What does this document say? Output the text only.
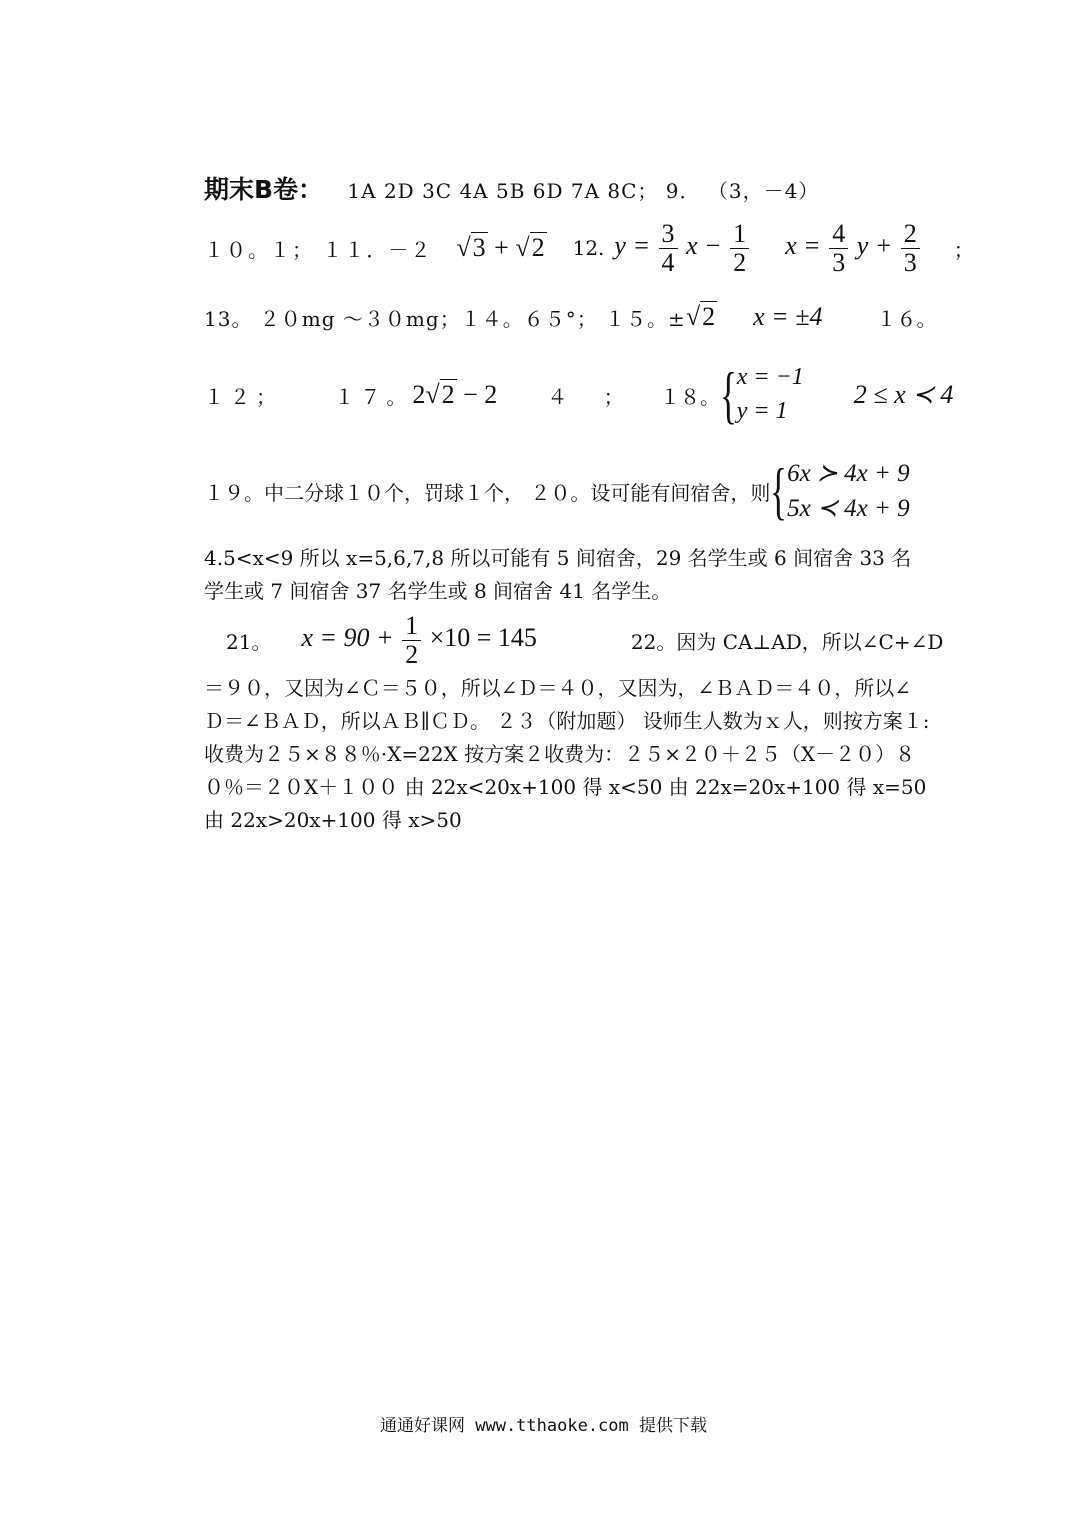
期末B卷： 1A 2D 3C 4A 5B 6D 7A 8C； 9． （3，－4）
１０。１； １１．－２ √3 + √2 12. $y = \frac{3}{4}$ $x - \frac{1}{2}$ $x = \frac{4}{3}$ $y + \frac{2}{3}$ ；
13。 ２０mg ～３０mg；１４。６５°； １５。± √2 x = ±4	１６。
１２； １７。 2√2 − 2	４ ； １８。 { x = −1
y = 1
2 ≤ x ≺ 4
１９。中二分球１０个，罚球１个， ２０。设可能有间宿舍，则 { 6x ≻ 4x + 9
5x ≺ 4x + 9
4.5<x<9 所以 x=5,6,7,8 所以可能有 5 间宿舍，29 名学生或 6 间宿舍 33 名学生或 7 间宿舍 37 名学生或 8 间宿舍 41 名学生。
21。 $x = 90 + \frac{1}{2} \times 10 = 145$	22。因为 CA⊥AD，所以∠C+∠D
＝９０，又因为∠Ｃ＝５０，所以∠Ｄ＝４０，又因为，∠ＢＡＤ＝４０，所以∠Ｄ＝∠ＢＡＤ，所以ＡＢ∥ＣＤ。 ２３（附加题） 设师生人数为ｘ人，则按方案１:收费为２５×８８％·X=22X 按方案２收费为：２５×２０＋２５（X－２０）８０％＝２０X＋１００ 由 22x<20x+100 得 x<50 由 22x=20x+100 得 x=50 由 22x>20x+100 得 x>50
通通好课网 www.tthaoke.com 提供下载
